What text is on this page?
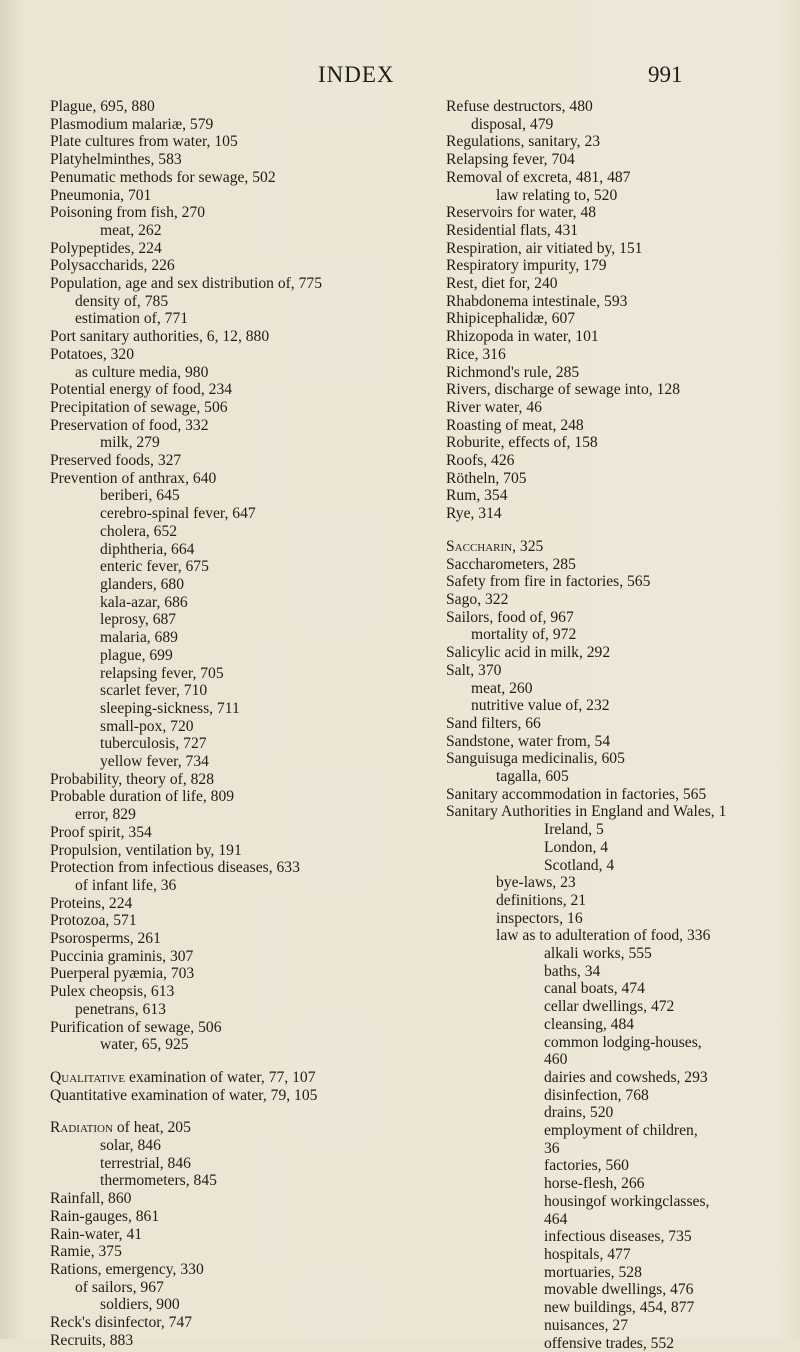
INDEX	991
Plague, 695, 880
Plasmodium malariæ, 579
Plate cultures from water, 105
Platyhelminthes, 583
Penumatic methods for sewage, 502
Pneumonia, 701
Poisoning from fish, 270
meat, 262
Polypeptides, 224
Polysaccharids, 226
Population, age and sex distribution of, 775
density of, 785
estimation of, 771
Port sanitary authorities, 6, 12, 880
Potatoes, 320
as culture media, 980
Potential energy of food, 234
Precipitation of sewage, 506
Preservation of food, 332
milk, 279
Preserved foods, 327
Prevention of anthrax, 640
beriberi, 645
cerebro-spinal fever, 647
cholera, 652
diphtheria, 664
enteric fever, 675
glanders, 680
kala-azar, 686
leprosy, 687
malaria, 689
plague, 699
relapsing fever, 705
scarlet fever, 710
sleeping-sickness, 711
small-pox, 720
tuberculosis, 727
yellow fever, 734
Probability, theory of, 828
Probable duration of life, 809
error, 829
Proof spirit, 354
Propulsion, ventilation by, 191
Protection from infectious diseases, 633
of infant life, 36
Proteins, 224
Protozoa, 571
Psorosperms, 261
Puccinia graminis, 307
Puerperal pyæmia, 703
Pulex cheopsis, 613
penetrans, 613
Purification of sewage, 506
water, 65, 925
Qualitative examination of water, 77, 107
Quantitative examination of water, 79, 105
Radiation of heat, 205
solar, 846
terrestrial, 846
thermometers, 845
Rainfall, 860
Rain-gauges, 861
Rain-water, 41
Ramie, 375
Rations, emergency, 330
of sailors, 967
soldiers, 900
Reck's disinfector, 747
Recruits, 883
Refuse destructors, 480
disposal, 479
Regulations, sanitary, 23
Relapsing fever, 704
Removal of excreta, 481, 487
law relating to, 520
Reservoirs for water, 48
Residential flats, 431
Respiration, air vitiated by, 151
Respiratory impurity, 179
Rest, diet for, 240
Rhabdonema intestinale, 593
Rhipicephalidæ, 607
Rhizopoda in water, 101
Rice, 316
Richmond's rule, 285
Rivers, discharge of sewage into, 128
River water, 46
Roasting of meat, 248
Roburite, effects of, 158
Roofs, 426
Rötheln, 705
Rum, 354
Rye, 314
Saccharin, 325
Saccharometers, 285
Safety from fire in factories, 565
Sago, 322
Sailors, food of, 967
mortality of, 972
Salicylic acid in milk, 292
Salt, 370
meat, 260
nutritive value of, 232
Sand filters, 66
Sandstone, water from, 54
Sanguisuga medicinalis, 605
tagalla, 605
Sanitary accommodation in factories, 565
Sanitary Authorities in England and Wales, 1
Ireland, 5
London, 4
Scotland, 4
bye-laws, 23
definitions, 21
inspectors, 16
law as to adulteration of food, 336
alkali works, 555
baths, 34
canal boats, 474
cellar dwellings, 472
cleansing, 484
common lodging-houses,
460
dairies and cowsheds, 293
disinfection, 768
drains, 520
employment of children,
36
factories, 560
horse-flesh, 266
housingof workingclasses,
464
infectious diseases, 735
hospitals, 477
mortuaries, 528
movable dwellings, 476
new buildings, 454, 877
nuisances, 27
offensive trades, 552
